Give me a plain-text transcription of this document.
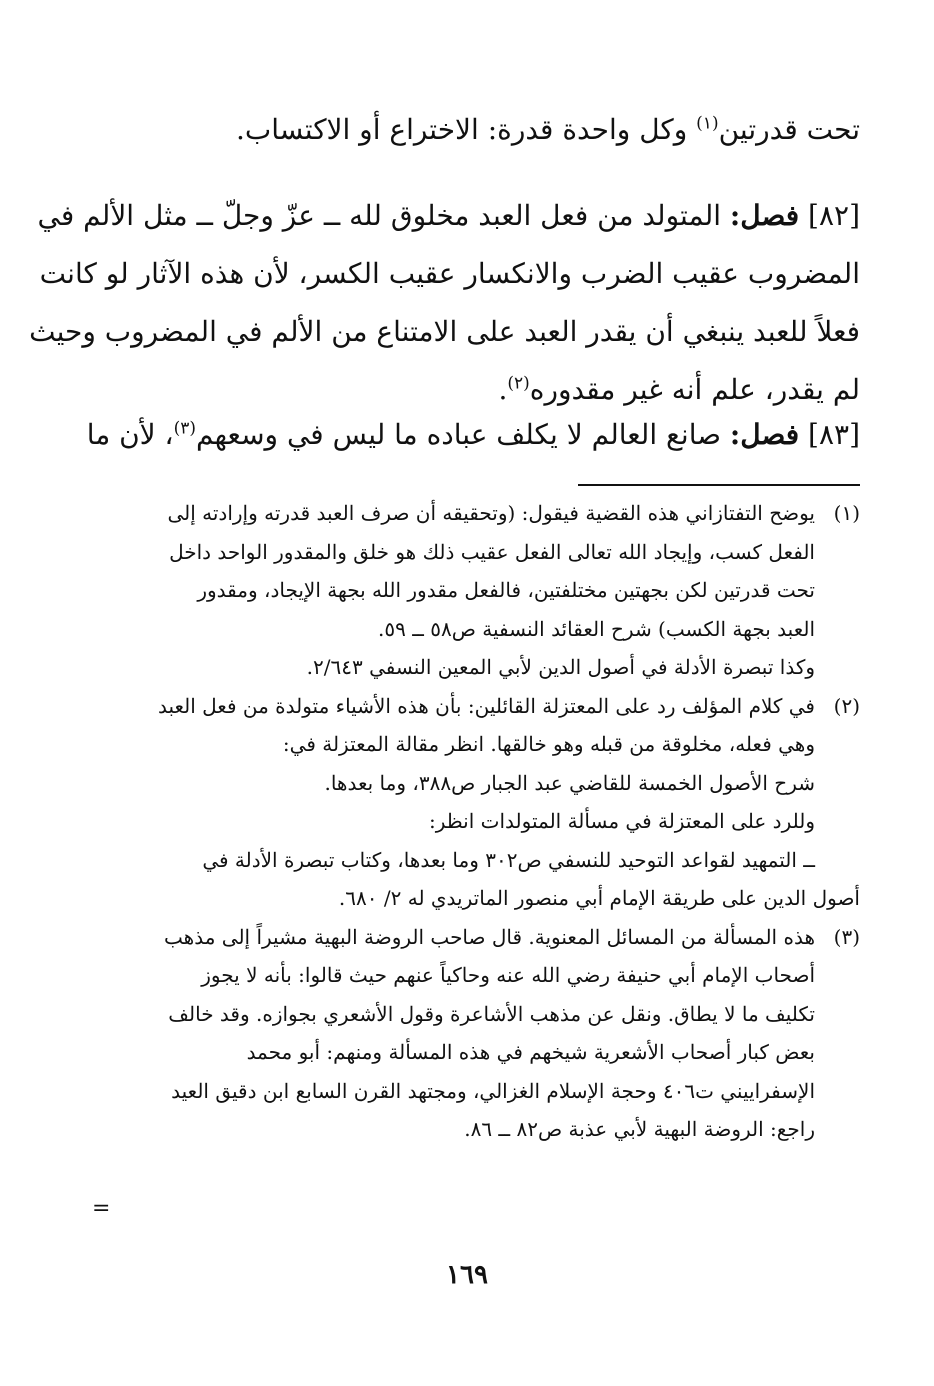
تحت قدرتين$^{(١)}$ وكل واحدة قدرة: الاختراع أو الاكتساب.

[٨٢] فصل: المتولد من فعل العبد مخلوق لله ــ عزّ وجلّ ــ مثل الألم في
المضروب عقيب الضرب والانكسار عقيب الكسر، لأن هذه الآثار لو كانت
فعلاً للعبد ينبغي أن يقدر العبد على الامتناع من الألم في المضروب وحيث
لم يقدر، علم أنه غير مقدوره$^{(٢)}$.

[٨٣] فصل: صانع العالم لا يكلف عباده ما ليس في وسعهم$^{(٣)}$، لأن ما

(١)
يوضح التفتازاني هذه القضية فيقول: (وتحقيقه أن صرف العبد قدرته وإرادته إلى
الفعل كسب، وإيجاد الله تعالى الفعل عقيب ذلك هو خلق والمقدور الواحد داخل
تحت قدرتين لكن بجهتين مختلفتين، فالفعل مقدور الله بجهة الإيجاد، ومقدور
العبد بجهة الكسب) شرح العقائد النسفية ص٥٨ ــ ٥٩.
وكذا تبصرة الأدلة في أصول الدين لأبي المعين النسفي ٢/٦٤٣.
(٢)
في كلام المؤلف رد على المعتزلة القائلين: بأن هذه الأشياء متولدة من فعل العبد
وهي فعله، مخلوقة من قبله وهو خالقها. انظر مقالة المعتزلة في:
شرح الأصول الخمسة للقاضي عبد الجبار ص٣٨٨، وما بعدها.
وللرد على المعتزلة في مسألة المتولدات انظر:
ــ التمهيد لقواعد التوحيد للنسفي ص٣٠٢ وما بعدها، وكتاب تبصرة الأدلة في
أصول الدين على طريقة الإمام أبي منصور الماتريدي له ٢/ ٦٨٠.
(٣)
هذه المسألة من المسائل المعنوية. قال صاحب الروضة البهية مشيراً إلى مذهب
أصحاب الإمام أبي حنيفة رضي الله عنه وحاكياً عنهم حيث قالوا: بأنه لا يجوز
تكليف ما لا يطاق. ونقل عن مذهب الأشاعرة وقول الأشعري بجوازه. وقد خالف
بعض كبار أصحاب الأشعرية شيخهم في هذه المسألة ومنهم: أبو محمد
الإسفراييني ت٤٠٦ وحجة الإسلام الغزالي، ومجتهد القرن السابع ابن دقيق العيد
راجع: الروضة البهية لأبي عذبة ص٨٢ ــ ٨٦.
=
١٦٩
